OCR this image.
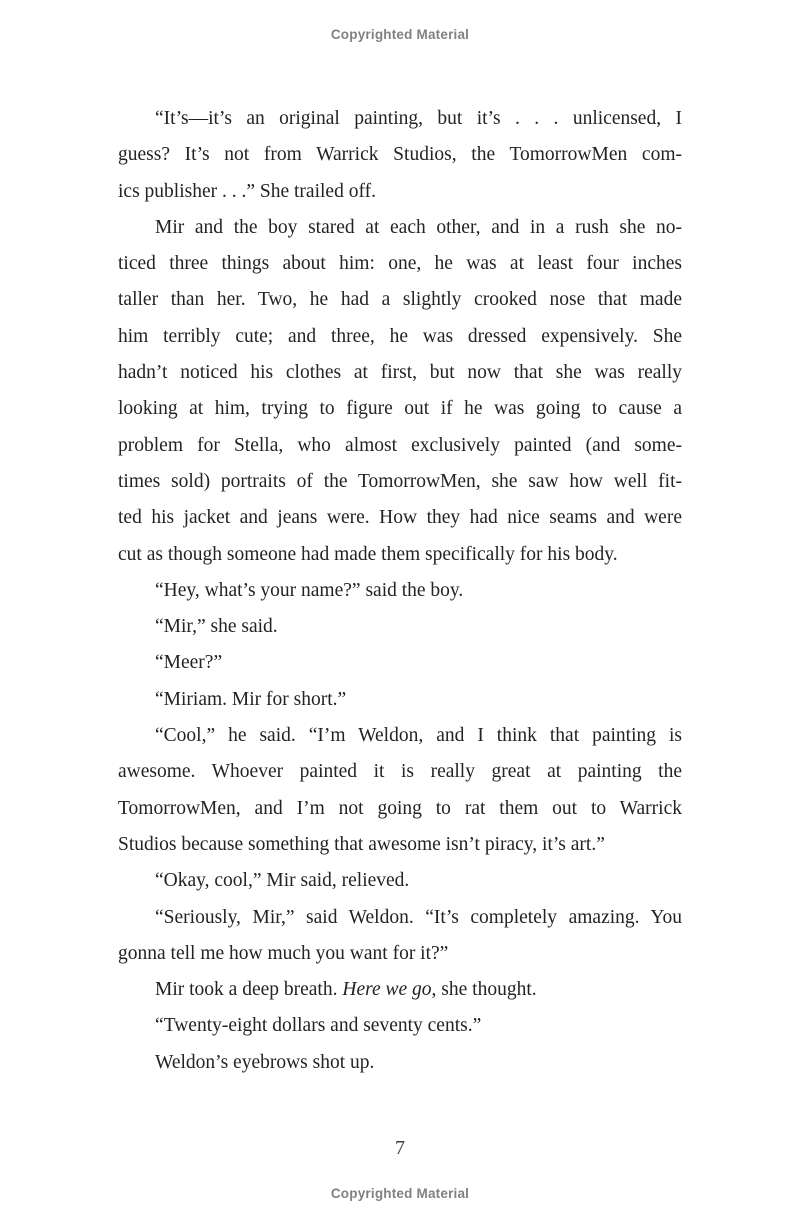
Copyrighted Material

“It’s—it’s an original painting, but it’s . . . unlicensed, I
guess? It’s not from Warrick Studios, the TomorrowMen com-
ics publisher . . .” She trailed off.

Mir and the boy stared at each other, and in a rush she no-
ticed three things about him: one, he was at least four inches
taller than her. Two, he had a slightly crooked nose that made
him terribly cute; and three, he was dressed expensively. She
hadn’t noticed his clothes at first, but now that she was really
looking at him, trying to figure out if he was going to cause a
problem for Stella, who almost exclusively painted (and some-
times sold) portraits of the TomorrowMen, she saw how well fit-
ted his jacket and jeans were. How they had nice seams and were
cut as though someone had made them specifically for his body.

“Hey, what’s your name?” said the boy.

“Mir,” she said.

“Meer?”

“Miriam. Mir for short.”

“Cool,” he said. “I’m Weldon, and I think that painting is
awesome. Whoever painted it is really great at painting the
TomorrowMen, and I’m not going to rat them out to Warrick
Studios because something that awesome isn’t piracy, it’s art.”

“Okay, cool,” Mir said, relieved.

“Seriously, Mir,” said Weldon. “It’s completely amazing. You
gonna tell me how much you want for it?”

Mir took a deep breath. Here we go, she thought.

“Twenty-eight dollars and seventy cents.”

Weldon’s eyebrows shot up.

7
Copyrighted Material
